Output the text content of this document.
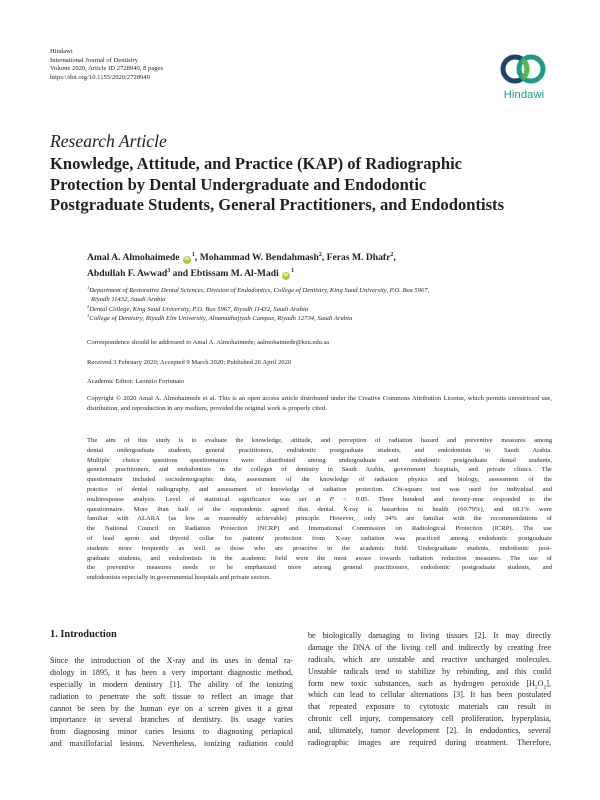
Hindawi
International Journal of Dentistry
Volume 2020, Article ID 2728949, 8 pages
https://doi.org/10.1155/2020/2728949
Hindawi
Research Article
Knowledge, Attitude, and Practice (KAP) of Radiographic
Protection by Dental Undergraduate and Endodontic
Postgraduate Students, General Practitioners, and Endodontists
Amal A. Almohaimede $iD^1$, Mohammad W. Bendahmash$^2$, Feras M. Dhafr$^2$,
Abdullah F. Awwad$^3$ and Ebtissam M. Al-Madi $iD^1$
$^1$Department of Restorative Dental Sciences, Division of Endodontics, College of Dentistry, King Saud University, P.O. Box 5967,
Riyadh 11432, Saudi Arabia
$^2$Dental College, King Saud University, P.O. Box 5967, Riyadh 11432, Saudi Arabia
$^3$College of Dentistry, Riyadh Elm University, Alnamuthajiyah Campus, Riyadh 12734, Saudi Arabia
Correspondence should be addressed to Amal A. Almohaimede; aalmohaimede@ksu.edu.sa
Received 3 February 2020; Accepted 9 March 2020; Published 26 April 2020
Academic Editor: Leonzio Fortunato
Copyright © 2020 Amal A. Almohaimede et al. This is an open access article distributed under the Creative Commons Attribution License, which permits unrestricted use, distribution, and reproduction in any medium, provided the original work is properly cited.
The aim of this study is to evaluate the knowledge, attitude, and perception of radiation hazard and preventive measures among
dental undergraduate students, general practitioners, endodontic postgraduate students, and endodontists in Saudi Arabia.
Multiple choice questions questionnaires were distributed among undergraduate and endodontic postgraduate dental students,
general practitioners, and endodontists in the colleges of dentistry in Saudi Arabia, government hospitals, and private clinics. The
questionnaire included sociodemographic data, assessment of the knowledge of radiation physics and biology, assessment of the
practice of dental radiography, and assessment of knowledge of radiation protection. Chi-square test was used for individual and
multiresponse analysis. Level of statistical significance was set at P < 0.05. Three hundred and twenty-nine responded to the
questionnaire. More than half of the respondents agreed that dental X-ray is hazardous to health (60.79%), and 68.1% were
familiar with ALARA (as low as reasonably achievable) principle. However, only 34% are familiar with the recommendations of
the National Council on Radiation Protection (NCRP) and International Commission on Radiological Protection (ICRP). The use
of lead apron and thyroid collar for patients' protection from X-ray radiation was practiced among endodontic postgraduate
students more frequently as well as those who are proactive in the academic field. Undergraduate students, endodontic post-
graduate students, and endodontists in the academic field were the most aware towards radiation reduction measures. The use of
the preventive measures needs to be emphasized more among general practitioners, endodontic postgraduate students, and
endodontists especially in governmental hospitals and private sectors.
1. Introduction
Since the introduction of the X-ray and its uses in dental ra-
diology in 1895, it has been a very important diagnostic method,
especially in modern dentistry [1]. The ability of the ionizing
radiation to penetrate the soft tissue to reflect an image that
cannot be seen by the human eye on a screen gives it a great
importance in several branches of dentistry. Its usage varies
from diagnosing minor caries lesions to diagnosing periapical
and maxillofacial lesions. Nevertheless, ionizing radiation could
be biologically damaging to living tissues [2]. It may directly
damage the DNA of the living cell and indirectly by creating free
radicals, which are unstable and reactive uncharged molecules.
Unstable radicals tend to stabilize by rebinding, and this could
form new toxic substances, such as hydrogen peroxide $[H_2O_2]$,
which can lead to cellular alternations [3]. It has been postulated
that repeated exposure to cytotoxic materials can result in
chronic cell injury, compensatory cell proliferation, hyperplasia,
and, ultimately, tumor development [2]. In endodontics, several
radiographic images are required during treatment. Therefore,
